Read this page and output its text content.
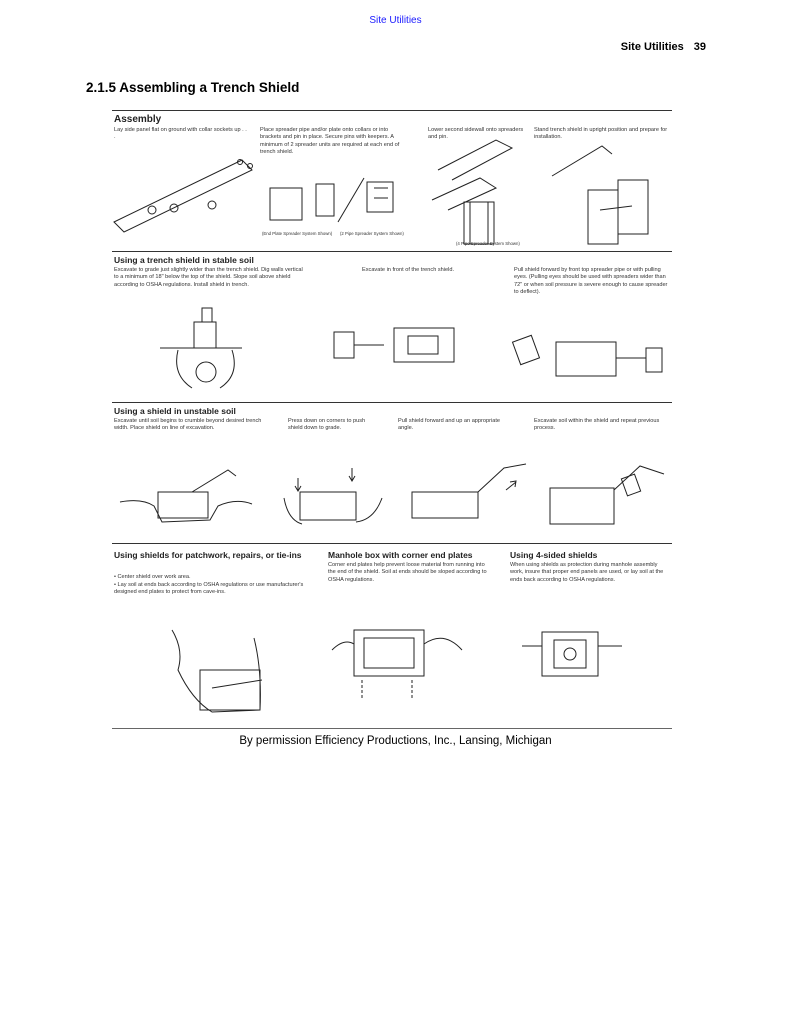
Site Utilities
Site Utilities 39
2.1.5 Assembling a Trench Shield
Assembly
Lay side panel flat on ground with collar sockets up . . .
Place spreader pipe and/or plate onto collars or into brackets and pin in place. Secure pins with keepers. A minimum of 2 spreader units are required at each end of trench shield.
Lower second sidewall onto spreaders and pin.
Stand trench shield in upright position and prepare for installation.
(End Plate Spreader System Shown) (2 Pipe Spreader System Shown)
(4 Pipe Spreader System Shown)
Using a trench shield in stable soil
Excavate to grade just slightly wider than the trench shield. Dig walls vertical to a minimum of 18" below the top of the shield. Slope soil above shield according to OSHA regulations. Install shield in trench.
Excavate in front of the trench shield.	Pull shield forward by front top spreader pipe or with pulling eyes. (Pulling eyes should be used with spreaders wider than 72" or when soil pressure is severe enough to cause spreader to deflect).
Using a shield in unstable soil
Excavate until soil begins to crumble beyond desired trench width. Place shield on line of excavation.
Press down on corners to push shield down to grade.
Pull shield forward and up an appropriate angle.
Excavate soil within the shield and repeat previous process.
Using shields for patchwork, repairs, or tie-ins
• Center shield over work area.
• Lay soil at ends back according to OSHA regulations or use manufacturer's designed end plates to protect from cave-ins.
Manhole box with corner end plates
Corner end plates help prevent loose material from running into the end of the shield. Soil at ends should be sloped according to OSHA regulations.
Using 4-sided shields
When using shields as protection during manhole assembly work, insure that proper end panels are used, or lay soil at the ends back according to OSHA regulations.
By permission Efficiency Productions, Inc., Lansing, Michigan
